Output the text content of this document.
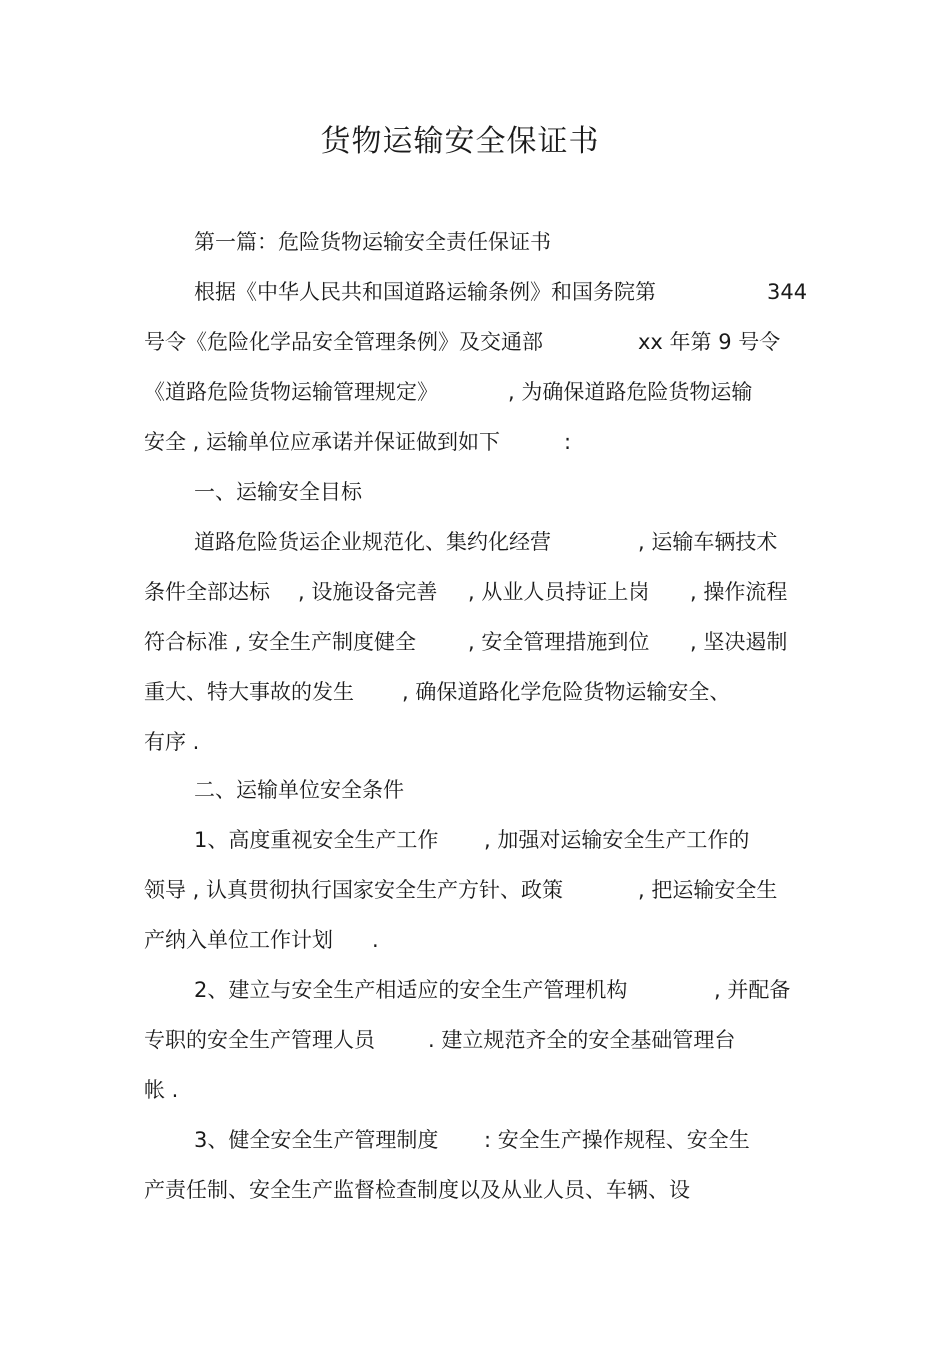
货物运输安全保证书
第一篇：危险货物运输安全责任保证书
根据《中华人民共和国道路运输条例》和国务院第	344
号令《危险化学品安全管理条例》及交通部	xx 年第 9 号令
《道路危险货物运输管理规定》	, 为确保道路危险货物运输
安全 , 运输单位应承诺并保证做到如下	:
一、运输安全目标
道路危险货运企业规范化、集约化经营	, 运输车辆技术
条件全部达标 , 设施设备完善 , 从业人员持证上岗 , 操作流程
符合标准 , 安全生产制度健全 , 安全管理措施到位 , 坚决遏制
重大、特大事故的发生 , 确保道路化学危险货物运输安全、
有序 .
二、运输单位安全条件
1、高度重视安全生产工作 , 加强对运输安全生产工作的
领导 , 认真贯彻执行国家安全生产方针、政策	, 把运输安全生
产纳入单位工作计划 .
2、建立与安全生产相适应的安全生产管理机构	, 并配备
专职的安全生产管理人员	. 建立规范齐全的安全基础管理台
帐 .
3、健全安全生产管理制度 : 安全生产操作规程、安全生
产责任制、安全生产监督检查制度以及从业人员、车辆、设
